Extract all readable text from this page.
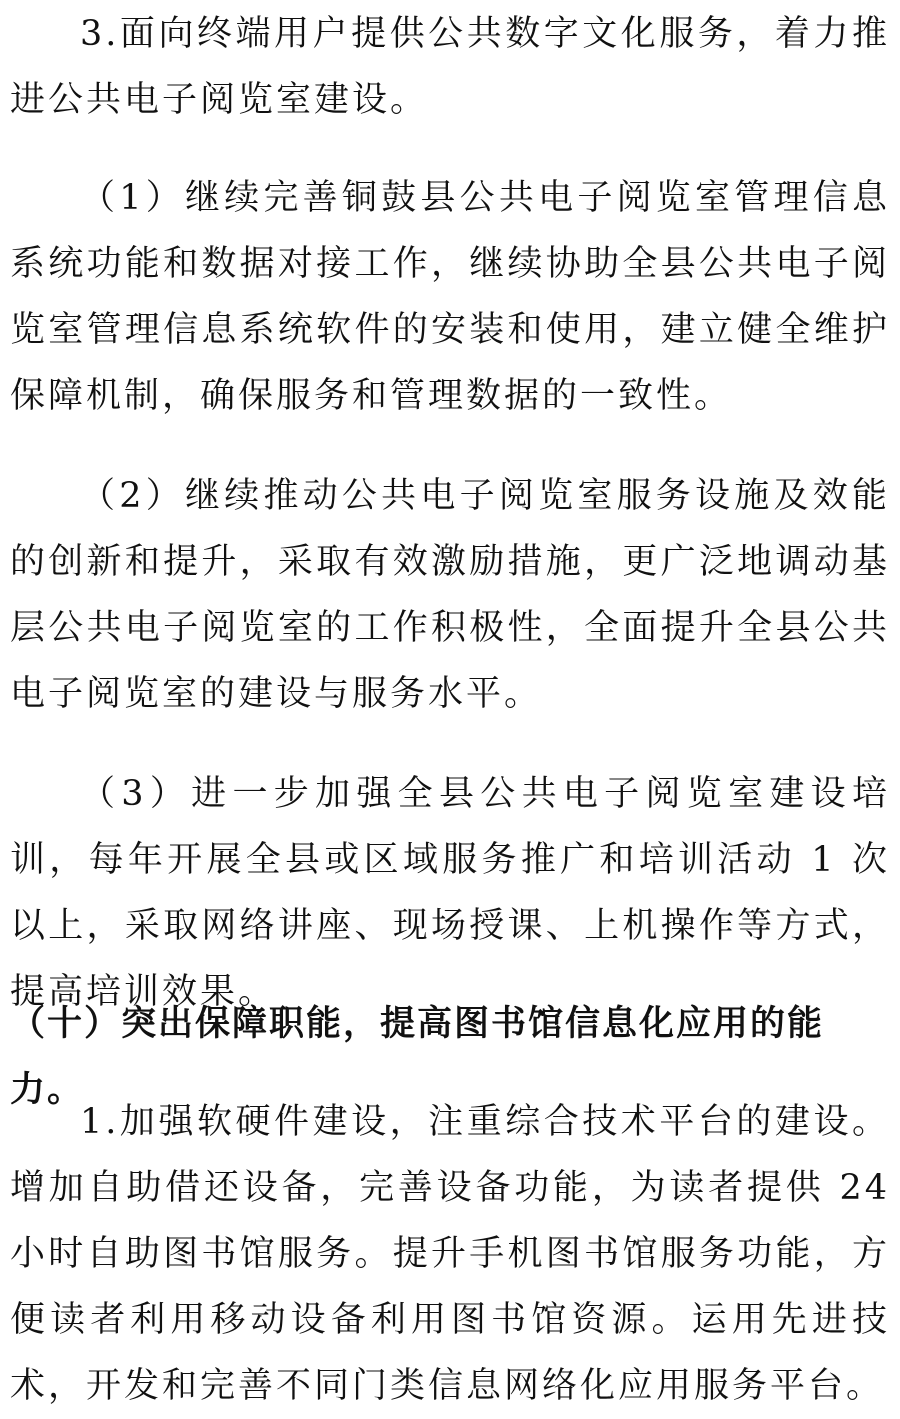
3.面向终端用户提供公共数字文化服务，着力推进公共电子阅览室建设。

（1）继续完善铜鼓县公共电子阅览室管理信息系统功能和数据对接工作，继续协助全县公共电子阅览室管理信息系统软件的安装和使用，建立健全维护保障机制，确保服务和管理数据的一致性。

（2）继续推动公共电子阅览室服务设施及效能的创新和提升，采取有效激励措施，更广泛地调动基层公共电子阅览室的工作积极性，全面提升全县公共电子阅览室的建设与服务水平。

（3）进一步加强全县公共电子阅览室建设培训，每年开展全县或区域服务推广和培训活动 1 次以上，采取网络讲座、现场授课、上机操作等方式，提高培训效果。

（十）突出保障职能，提高图书馆信息化应用的能力。

1.加强软硬件建设，注重综合技术平台的建设。增加自助借还设备，完善设备功能，为读者提供 24 小时自助图书馆服务。提升手机图书馆服务功能，方便读者利用移动设备利用图书馆资源。运用先进技术，开发和完善不同门类信息网络化应用服务平台。
